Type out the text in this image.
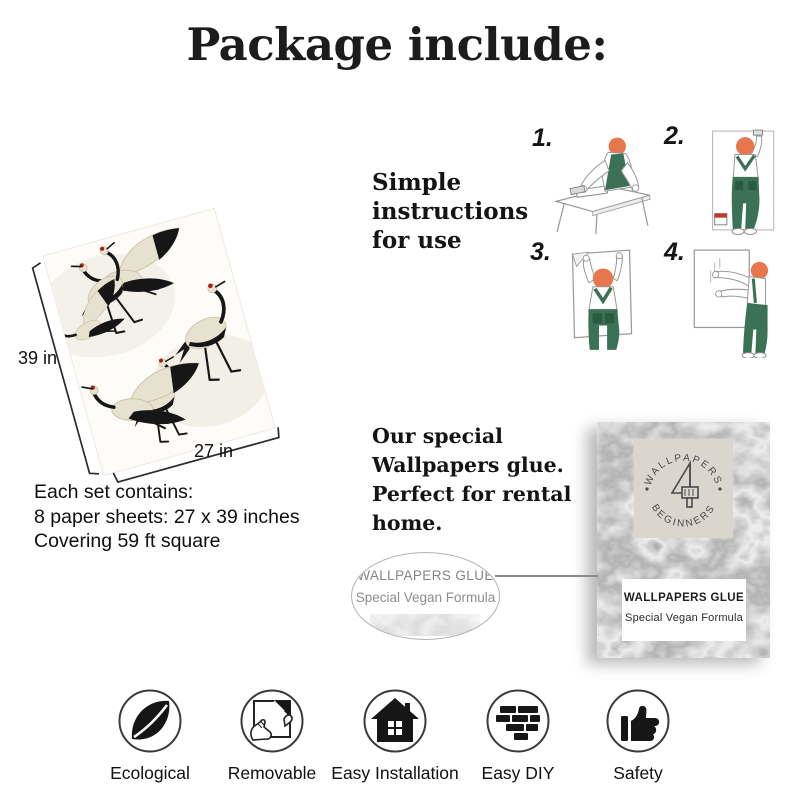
Package include:
39 in
27 in
Each set contains:
8 paper sheets: 27 x 39 inches
Covering 59 ft square
Simple instructions for use
1.	2.
3.	4.
Our special Wallpapers glue. Perfect for rental home.
WALLPAPERS
BEGINNERS
WALLPAPERS GLUE
Special Vegan Formula
WALLPAPERS GLUE
Special Vegan Formula
Ecological	Removable Easy Installation	Easy DIY	Safety
